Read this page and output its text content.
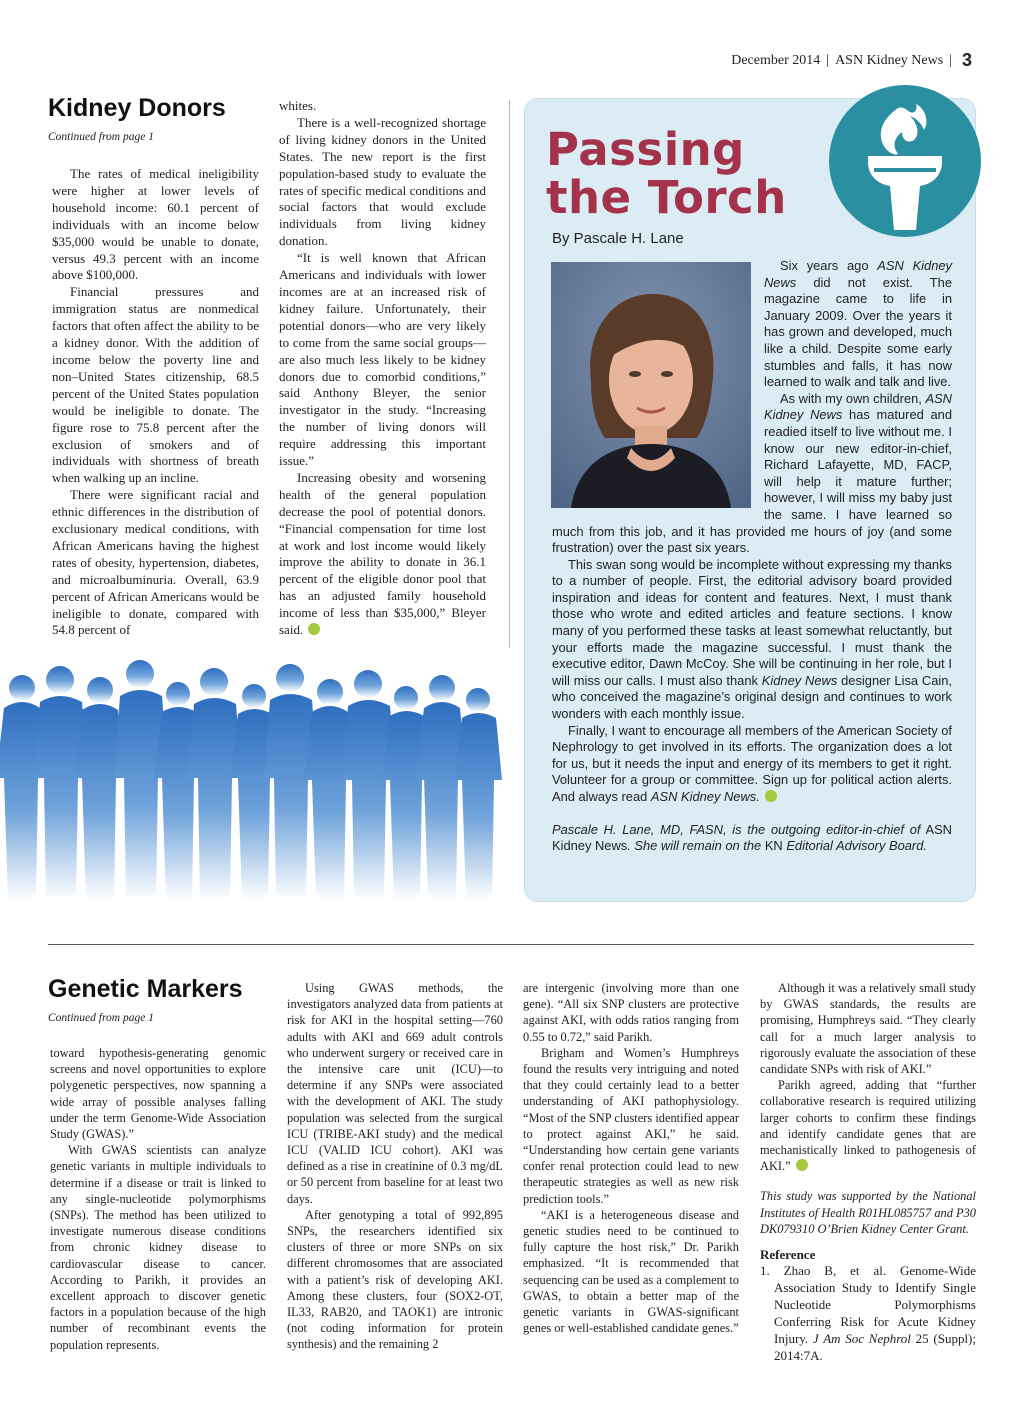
December 2014 | ASN Kidney News | 3
Kidney Donors
Continued from page 1

The rates of medical ineligibility were higher at lower levels of household income: 60.1 percent of individuals with an income below $35,000 would be unable to donate, versus 49.3 percent with an income above $100,000.

Financial pressures and immigration status are nonmedical factors that often affect the ability to be a kidney donor. With the addition of income below the poverty line and non–United States citizenship, 68.5 percent of the United States population would be ineligible to donate. The figure rose to 75.8 percent after the exclusion of smokers and of individuals with shortness of breath when walking up an incline.

There were significant racial and ethnic differences in the distribution of exclusionary medical conditions, with African Americans having the highest rates of obesity, hypertension, diabetes, and microalbuminuria. Overall, 63.9 percent of African Americans would be ineligible to donate, compared with 54.8 percent of

whites.

There is a well-recognized shortage of living kidney donors in the United States. The new report is the first population-based study to evaluate the rates of specific medical conditions and social factors that would exclude individuals from living kidney donation.

“It is well known that African Americans and individuals with lower incomes are at an increased risk of kidney failure. Unfortunately, their potential donors—who are very likely to come from the same social groups—are also much less likely to be kidney donors due to comorbid conditions,” said Anthony Bleyer, the senior investigator in the study. “Increasing the number of living donors will require addressing this important issue.”

Increasing obesity and worsening health of the general population decrease the pool of potential donors. “Financial compensation for time lost at work and lost income would likely improve the ability to donate in 36.1 percent of the eligible donor pool that has an adjusted family household income of less than $35,000,” Bleyer said.

Passing
the Torch
By Pascale H. Lane

Six years ago ASN Kidney News did not exist. The magazine came to life in January 2009. Over the years it has grown and developed, much like a child. Despite some early stumbles and falls, it has now learned to walk and talk and live.

As with my own children, ASN Kidney News has matured and readied itself to live without me. I know our new editor-in-chief, Richard Lafayette, MD, FACP, will help it mature further; however, I will miss my baby just the same. I have learned so much from this job, and it has provided me hours of joy (and some frustration) over the past six years.

This swan song would be incomplete without expressing my thanks to a number of people. First, the editorial advisory board provided inspiration and ideas for content and features. Next, I must thank those who wrote and edited articles and feature sections. I know many of you performed these tasks at least somewhat reluctantly, but your efforts made the magazine successful. I must thank the executive editor, Dawn McCoy. She will be continuing in her role, but I will miss our calls. I must also thank Kidney News designer Lisa Cain, who conceived the magazine’s original design and continues to work wonders with each monthly issue.

Finally, I want to encourage all members of the American Society of Nephrology to get involved in its efforts. The organization does a lot for us, but it needs the input and energy of its members to get it right. Volunteer for a group or committee. Sign up for political action alerts. And always read ASN Kidney News.

Pascale H. Lane, MD, FASN, is the outgoing editor-in-chief of ASN Kidney News. She will remain on the KN Editorial Advisory Board.

Genetic Markers
Continued from page 1

toward hypothesis-generating genomic screens and novel opportunities to explore polygenetic perspectives, now spanning a wide array of possible analyses falling under the term Genome-Wide Association Study (GWAS).”

With GWAS scientists can analyze genetic variants in multiple individuals to determine if a disease or trait is linked to any single-nucleotide polymorphisms (SNPs). The method has been utilized to investigate numerous disease conditions from chronic kidney disease to cardiovascular disease to cancer. According to Parikh, it provides an excellent approach to discover genetic factors in a population because of the high number of recombinant events the population represents.

Using GWAS methods, the investigators analyzed data from patients at risk for AKI in the hospital setting—760 adults with AKI and 669 adult controls who underwent surgery or received care in the intensive care unit (ICU)—to determine if any SNPs were associated with the development of AKI. The study population was selected from the surgical ICU (TRIBE-AKI study) and the medical ICU (VALID ICU cohort). AKI was defined as a rise in creatinine of 0.3 mg/dL or 50 percent from baseline for at least two days.

After genotyping a total of 992,895 SNPs, the researchers identified six clusters of three or more SNPs on six different chromosomes that are associated with a patient’s risk of developing AKI. Among these clusters, four (SOX2-OT, IL33, RAB20, and TAOK1) are intronic (not coding information for protein synthesis) and the remaining 2

are intergenic (involving more than one gene). “All six SNP clusters are protective against AKI, with odds ratios ranging from 0.55 to 0.72,” said Parikh.

Brigham and Women’s Humphreys found the results very intriguing and noted that they could certainly lead to a better understanding of AKI pathophysiology. “Most of the SNP clusters identified appear to protect against AKI,” he said. “Understanding how certain gene variants confer renal protection could lead to new therapeutic strategies as well as new risk prediction tools.”

“AKI is a heterogeneous disease and genetic studies need to be continued to fully capture the host risk,” Dr. Parikh emphasized. “It is recommended that sequencing can be used as a complement to GWAS, to obtain a better map of the genetic variants in GWAS-significant genes or well-established candidate genes.”

Although it was a relatively small study by GWAS standards, the results are promising, Humphreys said. “They clearly call for a much larger analysis to rigorously evaluate the association of these candidate SNPs with risk of AKI.”

Parikh agreed, adding that “further collaborative research is required utilizing larger cohorts to confirm these findings and identify candidate genes that are mechanistically linked to pathogenesis of AKI.”

This study was supported by the National Institutes of Health R01HL085757 and P30 DK079310 O’Brien Kidney Center Grant.

Reference

1. Zhao B, et al. Genome-Wide Association Study to Identify Single Nucleotide Polymorphisms Conferring Risk for Acute Kidney Injury. J Am Soc Nephrol 25 (Suppl); 2014:7A.
